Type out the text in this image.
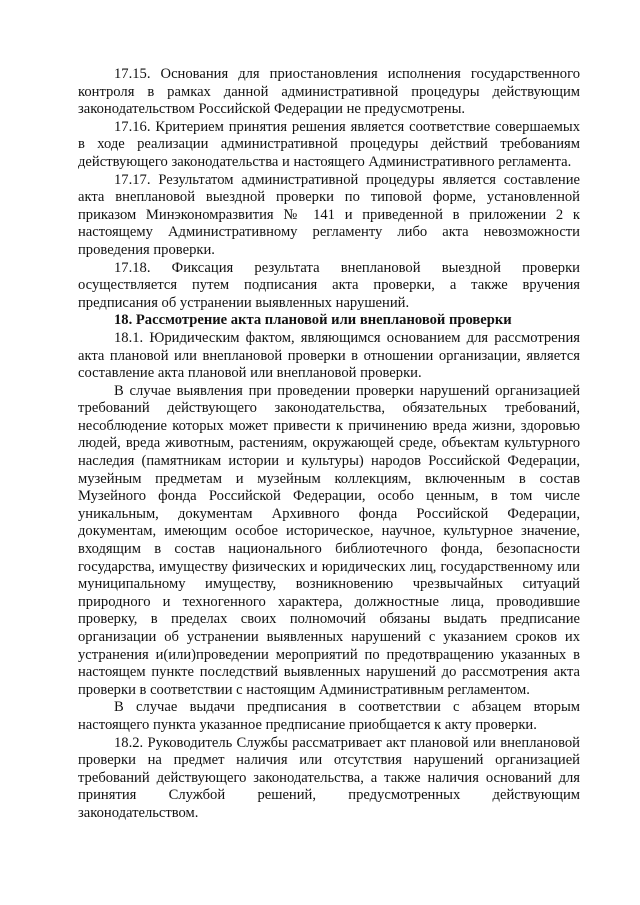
17.15. Основания для приостановления исполнения государственного контроля в рамках данной административной процедуры действующим законодательством Российской Федерации не предусмотрены.

17.16. Критерием принятия решения является соответствие совершаемых в ходе реализации административной процедуры действий требованиям действующего законодательства и настоящего Административного регламента.

17.17. Результатом административной процедуры является составление акта внеплановой выездной проверки по типовой форме, установленной приказом Минэкономразвития № 141 и приведенной в приложении 2 к настоящему Административному регламенту либо акта невозможности проведения проверки.

17.18. Фиксация результата внеплановой выездной проверки осуществляется путем подписания акта проверки, а также вручения предписания об устранении выявленных нарушений.

18. Рассмотрение акта плановой или внеплановой проверки

18.1. Юридическим фактом, являющимся основанием для рассмотрения акта плановой или внеплановой проверки в отношении организации, является составление акта плановой или внеплановой проверки.

В случае выявления при проведении проверки нарушений организацией требований действующего законодательства, обязательных требований, несоблюдение которых может привести к причинению вреда жизни, здоровью людей, вреда животным, растениям, окружающей среде, объектам культурного наследия (памятникам истории и культуры) народов Российской Федерации, музейным предметам и музейным коллекциям, включенным в состав Музейного фонда Российской Федерации, особо ценным, в том числе уникальным, документам Архивного фонда Российской Федерации, документам, имеющим особое историческое, научное, культурное значение, входящим в состав национального библиотечного фонда, безопасности государства, имуществу физических и юридических лиц, государственному или муниципальному имуществу, возникновению чрезвычайных ситуаций природного и техногенного характера, должностные лица, проводившие проверку, в пределах своих полномочий обязаны выдать предписание организации об устранении выявленных нарушений с указанием сроков их устранения и(или)проведении мероприятий по предотвращению указанных в настоящем пункте последствий выявленных нарушений до рассмотрения акта проверки в соответствии с настоящим Административным регламентом.

В случае выдачи предписания в соответствии с абзацем вторым настоящего пункта указанное предписание приобщается к акту проверки.

18.2. Руководитель Службы рассматривает акт плановой или внеплановой проверки на предмет наличия или отсутствия нарушений организацией требований действующего законодательства, а также наличия оснований для принятия Службой решений, предусмотренных действующим законодательством.
